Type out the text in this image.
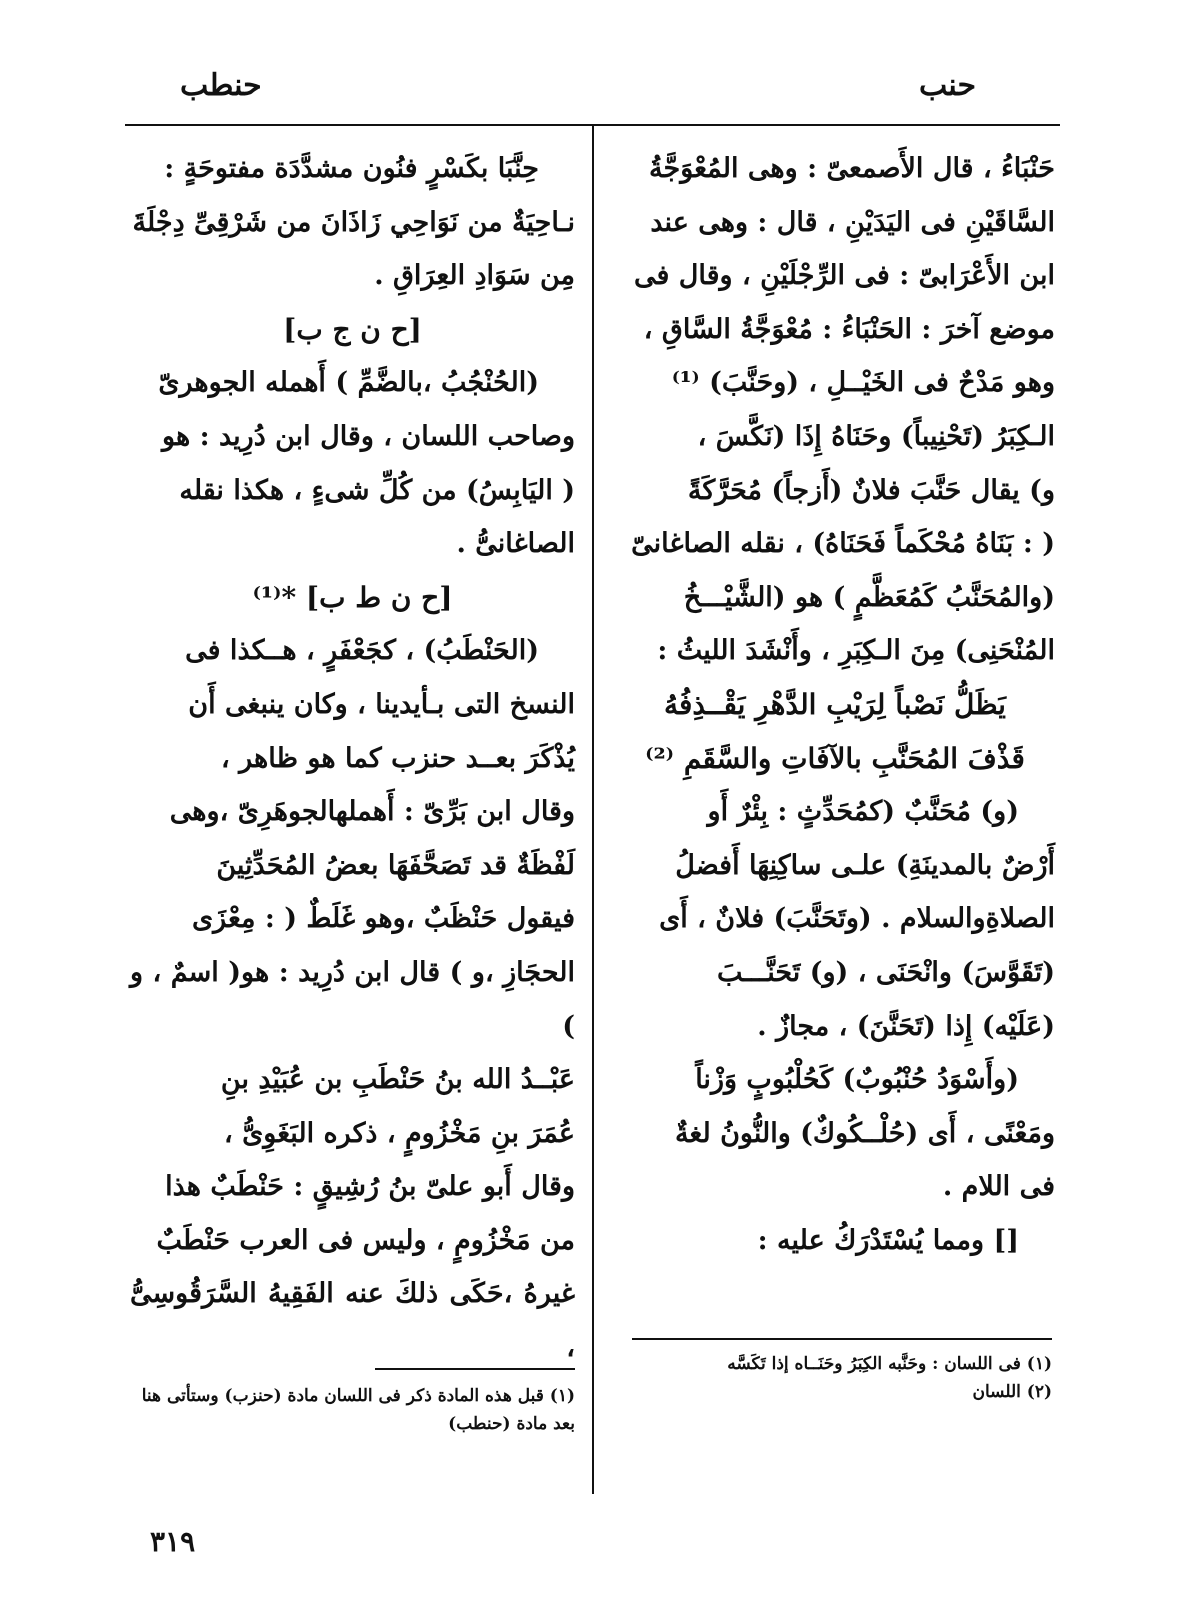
حنب
حنطب

حَنْبَاءُ ، قال الأَصمعىّ : وهى المُعْوَجَّةُ

السَّاقَيْنِ فى اليَدَيْنِ ، قال : وهى عند

ابن الأَعْرَابىّ : فى الرِّجْلَيْنِ ، وقال فى

موضع آخرَ : الحَنْبَاءُ : مُعْوَجَّةُ السَّاقِ ،

وهو مَدْحٌ فى الخَيْــلِ ، (وحَنَّبَ) ⁽¹⁾

الـكِبَرُ (تَحْنِيباً) وحَنَاهُ إِذَا (نَكَّسَ ،

و) يقال حَنَّبَ فلانٌ (أَزجاً) مُحَرَّكَةً

( : بَنَاهُ مُحْكَماً فَحَنَاهُ) ، نقله الصاغانىّ

(والمُحَنَّبُ كَمُعَظَّمٍ ) هو (الشَّيْـــخُ

المُنْحَنِى) مِنَ الـكِبَرِ ، وأَنْشَدَ الليثُ :

يَظَلُّ نَصْباً لِرَيْبِ الدَّهْرِ يَقْــذِفُهُ

قَذْفَ المُحَنَّبِ بالآفَاتِ والسَّقَمِ ⁽²⁾

(و) مُحَنَّبٌ (كمُحَدِّثٍ : بِئْرٌ أَو

أَرْضٌ بالمدينَةِ) علـى ساكِنِهَا أَفضلُ

الصلاةِوالسلام . (وتَحَنَّبَ) فلانٌ ، أَى

(تَقَوَّسَ) وانْحَنَى ، (و) تَحَنَّـــبَ

(عَلَيْه) إِذا (تَحَنَّنَ) ، مجازٌ .

(وأَسْوَدُ حُنْبُوبٌ) كَحُلْبُوبٍ وَزْناً

ومَعْنًى ، أَى (حُلْــكُوكٌ) والنُّونُ لغةٌ

فى اللام .

[] ومما يُسْتَدْرَكُ عليه :

(١) فى اللسان : وحَنَّبه الكِبَرُ وحَنَــاه إذا تَكَسَّه

(٢) اللسان

حِنَّبَا بكَسْرٍ فنُون مشدَّدَة مفتوحَةٍ :

نـاحِيَةٌ من نَوَاحِي زَاذَانَ من شَرْقِىِّ دِجْلَةَ

مِن سَوَادِ العِرَاقِ .

[ح ن ج ب]

(الحُنْجُبُ ،بالضَّمِّ ) أَهمله الجوهرىّ

وصاحب اللسان ، وقال ابن دُرِيد : هو

( اليَابِسُ) من كُلِّ شىءٍ ، هكذا نقله

الصاغانىُّ .

[ح ن ط ب] *⁽¹⁾

(الحَنْطَبُ) ، كجَعْفَرٍ ، هــكذا فى

النسخ التى بـأيدينا ، وكان ينبغى أَن

يُذْكَرَ بعــد حنزب كما هو ظاهر ،

وقال ابن بَرِّىّ : أَهملهالجوهَرِىّ ،وهى

لَفْظَةٌ قد تَصَحَّفَهَا بعضُ المُحَدِّثِينَ

فيقول حَنْظَبٌ ،وهو غَلَطٌ ( : مِعْزَى

الحجَازِ ،و ) قال ابن دُرِيد : هو( اسمٌ ، و )

عَبْــدُ الله بنُ حَنْطَبِ بن عُبَيْدِ بنِ

عُمَرَ بنِ مَخْزُومٍ ، ذكره البَغَوِىُّ ،

وقال أَبو علىّ بنُ رُشِيقٍ : حَنْطَبٌ هذا

من مَخْزُومٍ ، وليس فى العرب حَنْطَبٌ

غيرهُ ،حَكَى ذلكَ عنه الفَقِيهُ السَّرَقُوسِىُّ ،

(١) قبل هذه المادة ذكر فى اللسان مادة (حنزب) وستأتى هنا بعد مادة (حنطب)

٣١٩
